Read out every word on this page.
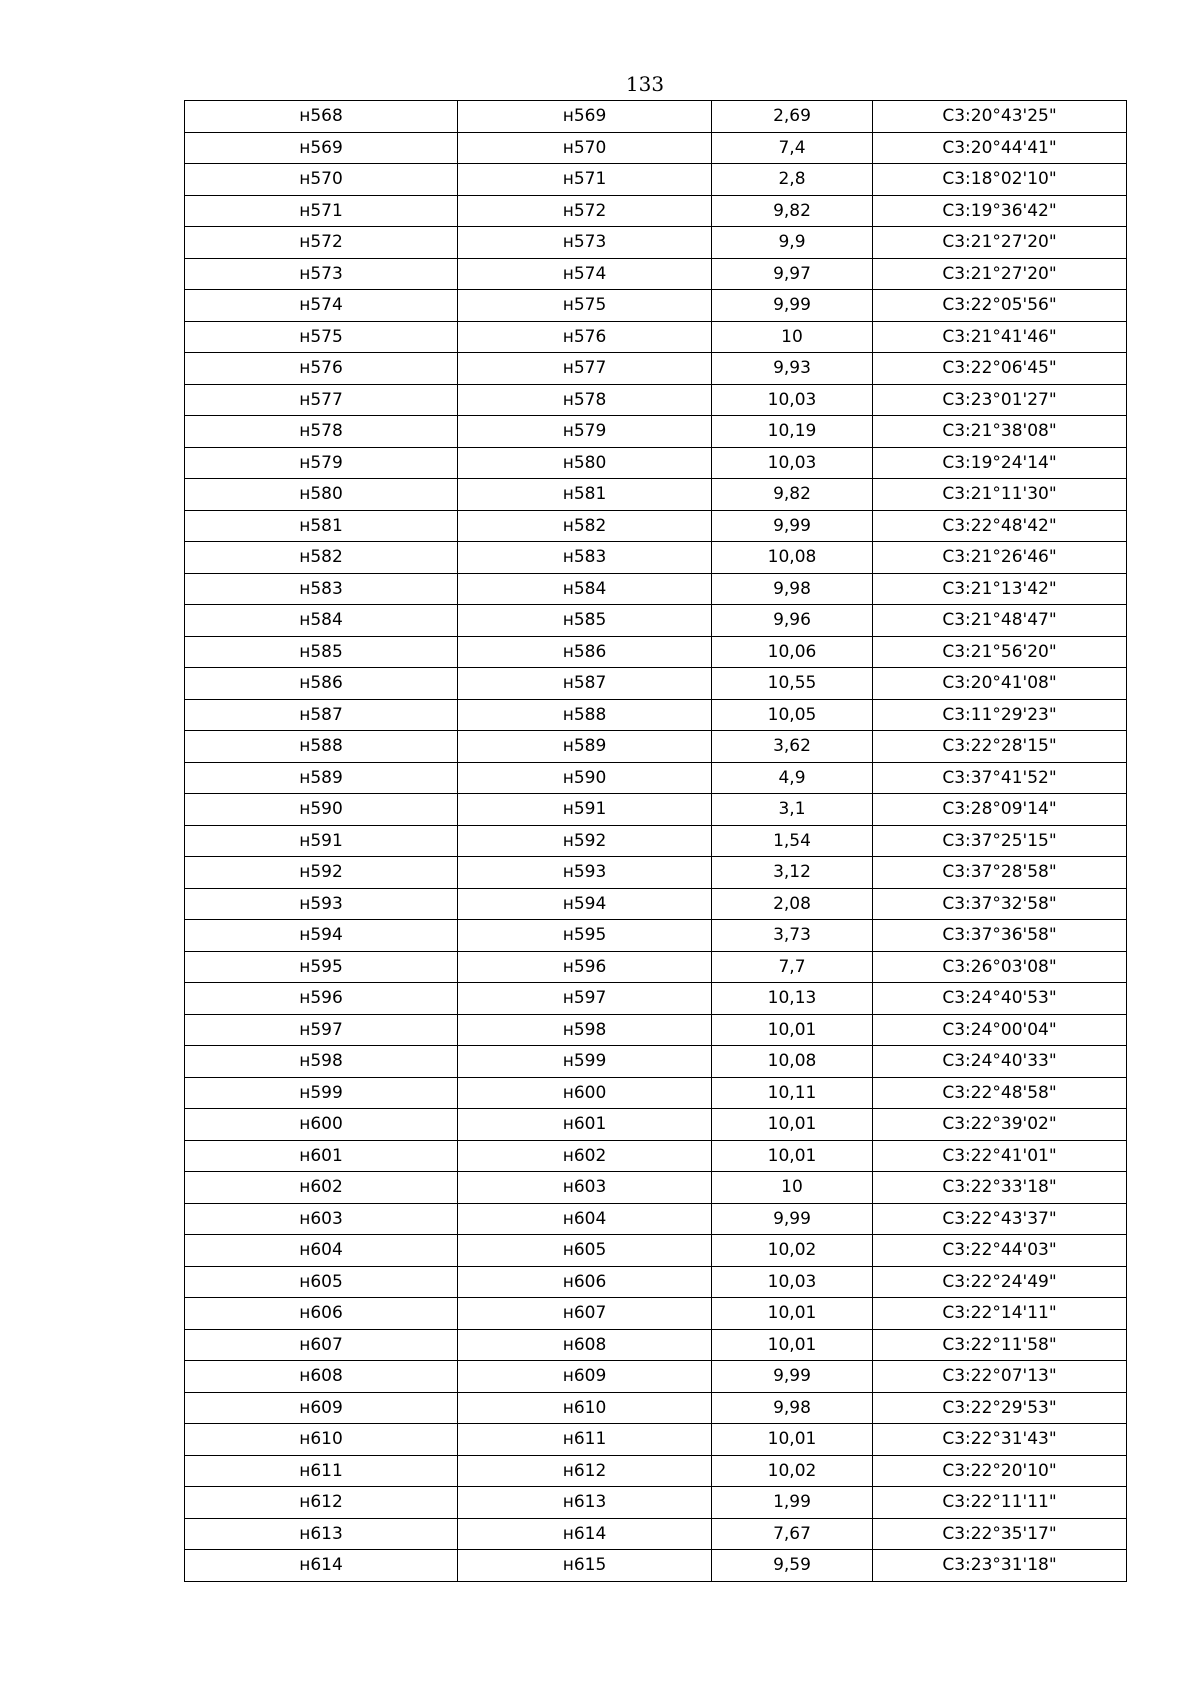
133
н568	н569	2,69	С3:20°43'25"
н569	н570	7,4	С3:20°44'41"
н570	н571	2,8	С3:18°02'10"
н571	н572	9,82	С3:19°36'42"
н572	н573	9,9	С3:21°27'20"
н573	н574	9,97	С3:21°27'20"
н574	н575	9,99	С3:22°05'56"
н575	н576	10	С3:21°41'46"
н576	н577	9,93	С3:22°06'45"
н577	н578	10,03	С3:23°01'27"
н578	н579	10,19	С3:21°38'08"
н579	н580	10,03	С3:19°24'14"
н580	н581	9,82	С3:21°11'30"
н581	н582	9,99	С3:22°48'42"
н582	н583	10,08	С3:21°26'46"
н583	н584	9,98	С3:21°13'42"
н584	н585	9,96	С3:21°48'47"
н585	н586	10,06	С3:21°56'20"
н586	н587	10,55	С3:20°41'08"
н587	н588	10,05	С3:11°29'23"
н588	н589	3,62	С3:22°28'15"
н589	н590	4,9	С3:37°41'52"
н590	н591	3,1	С3:28°09'14"
н591	н592	1,54	С3:37°25'15"
н592	н593	3,12	С3:37°28'58"
н593	н594	2,08	С3:37°32'58"
н594	н595	3,73	С3:37°36'58"
н595	н596	7,7	С3:26°03'08"
н596	н597	10,13	С3:24°40'53"
н597	н598	10,01	С3:24°00'04"
н598	н599	10,08	С3:24°40'33"
н599	н600	10,11	С3:22°48'58"
н600	н601	10,01	С3:22°39'02"
н601	н602	10,01	С3:22°41'01"
н602	н603	10	С3:22°33'18"
н603	н604	9,99	С3:22°43'37"
н604	н605	10,02	С3:22°44'03"
н605	н606	10,03	С3:22°24'49"
н606	н607	10,01	С3:22°14'11"
н607	н608	10,01	С3:22°11'58"
н608	н609	9,99	С3:22°07'13"
н609	н610	9,98	С3:22°29'53"
н610	н611	10,01	С3:22°31'43"
н611	н612	10,02	С3:22°20'10"
н612	н613	1,99	С3:22°11'11"
н613	н614	7,67	С3:22°35'17"
н614	н615	9,59	С3:23°31'18"
